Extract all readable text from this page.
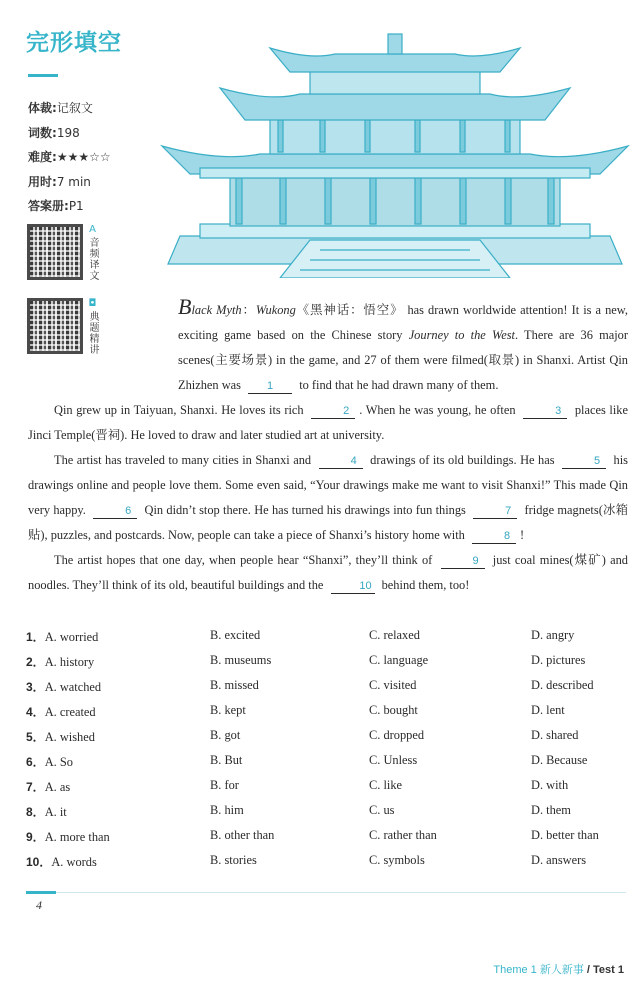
完形填空
体裁: 记叙文
词数: 198
难度: ★★★☆☆
用时: 7 min
答案册: P1
A
音频译文
◘
典题精讲

Black Myth：Wukong《黑神话：悟空》 has drawn worldwide attention! It is a new, exciting game based on the Chinese story Journey to the West. There are 36 major scenes(主要场景) in the game, and 27 of them were filmed(取景) in Shanxi. Artist Qin Zhizhen was 1 to find that he had drawn many of them.

Qin grew up in Taiyuan, Shanxi. He loves its rich	2 . When he was young, he often	3 places like Jinci Temple(晋祠). He loved to draw and later studied art at university.

The artist has traveled to many cities in Shanxi and	4 drawings of its old buildings. He has	5 his drawings online and people love them. Some even said, “Your drawings make me want to visit Shanxi!” This made Qin very happy.	6 Qin didn’t stop there. He has turned his drawings into fun things	7 fridge magnets(冰箱贴), puzzles, and postcards. Now, people can take a piece of Shanxi’s history home with	8 !

The artist hopes that one day, when people hear “Shanxi”, they’ll think of	9 just coal mines(煤矿) and noodles. They’ll think of its old, beautiful buildings and the	10 behind them, too!

1．A. worried	B. excited	C. relaxed	D. angry
2．A. history	B. museums	C. language	D. pictures
3．A. watched	B. missed	C. visited	D. described
4．A. created	B. kept	C. bought	D. lent
5．A. wished	B. got	C. dropped	D. shared
6．A. So	B. But	C. Unless	D. Because
7．A. as	B. for	C. like	D. with
8．A. it	B. him	C. us	D. them
9．A. more than	B. other than	C. rather than	D. better than
10．A. words	B. stories	C. symbols	D. answers
4
Theme 1 新人新事 / Test 1
